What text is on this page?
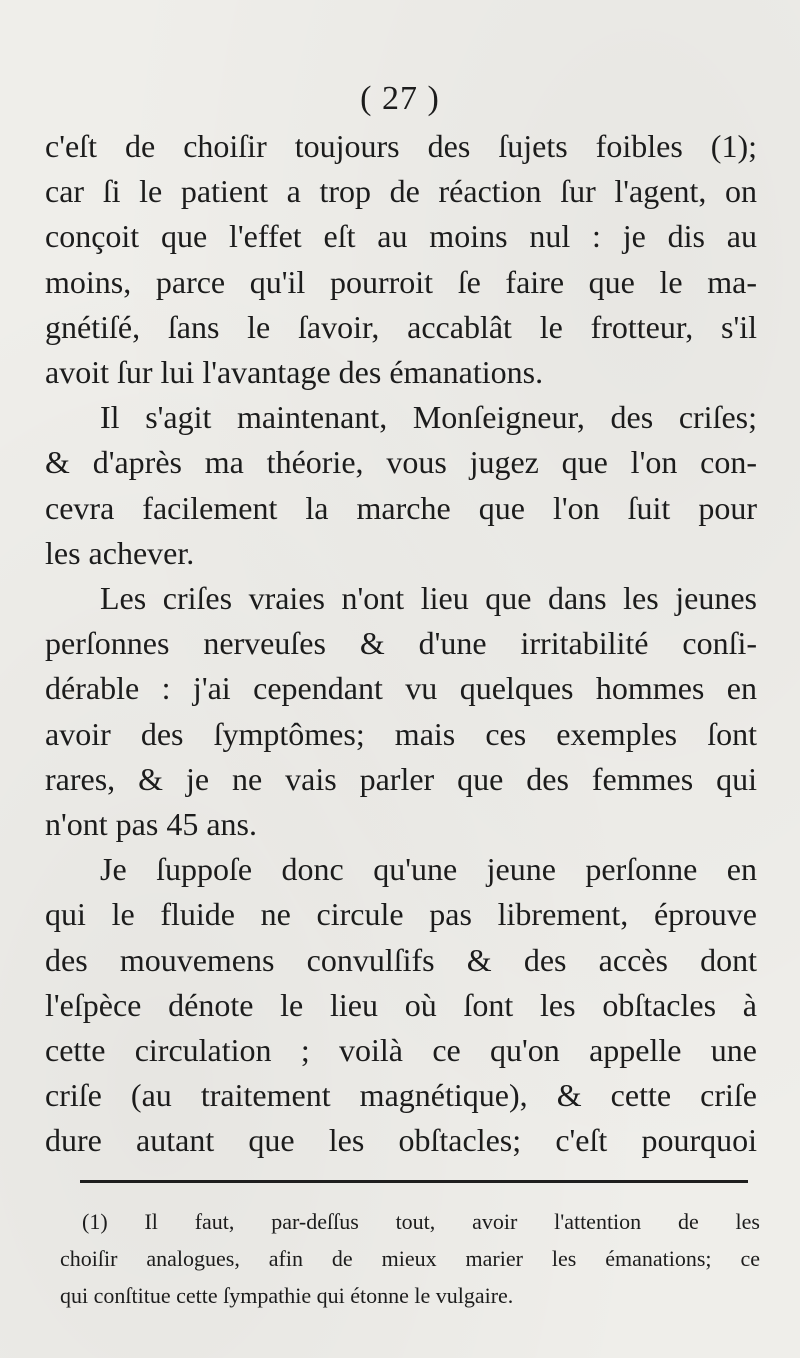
( 27 )
c'eſt de choiſir toujours des ſujets foibles (1);
car ſi le patient a trop de réaction ſur l'agent, on
conçoit que l'effet eſt au moins nul : je dis au
moins, parce qu'il pourroit ſe faire que le ma-
gnétiſé, ſans le ſavoir, accablât le frotteur, s'il
avoit ſur lui l'avantage des émanations.
Il s'agit maintenant, Monſeigneur, des criſes;
& d'après ma théorie, vous jugez que l'on con-
cevra facilement la marche que l'on ſuit pour
les achever.
Les criſes vraies n'ont lieu que dans les jeunes
perſonnes nerveuſes & d'une irritabilité conſi-
dérable : j'ai cependant vu quelques hommes en
avoir des ſymptômes; mais ces exemples ſont
rares, & je ne vais parler que des femmes qui
n'ont pas 45 ans.
Je ſuppoſe donc qu'une jeune perſonne en
qui le fluide ne circule pas librement, éprouve
des mouvemens convulſifs & des accès dont
l'eſpèce dénote le lieu où ſont les obſtacles à
cette circulation ; voilà ce qu'on appelle une
criſe (au traitement magnétique), & cette criſe
dure autant que les obſtacles; c'eſt pourquoi
(1) Il faut, par-deſſus tout, avoir l'attention de les
choiſir analogues, afin de mieux marier les émanations; ce
qui conſtitue cette ſympathie qui étonne le vulgaire.
